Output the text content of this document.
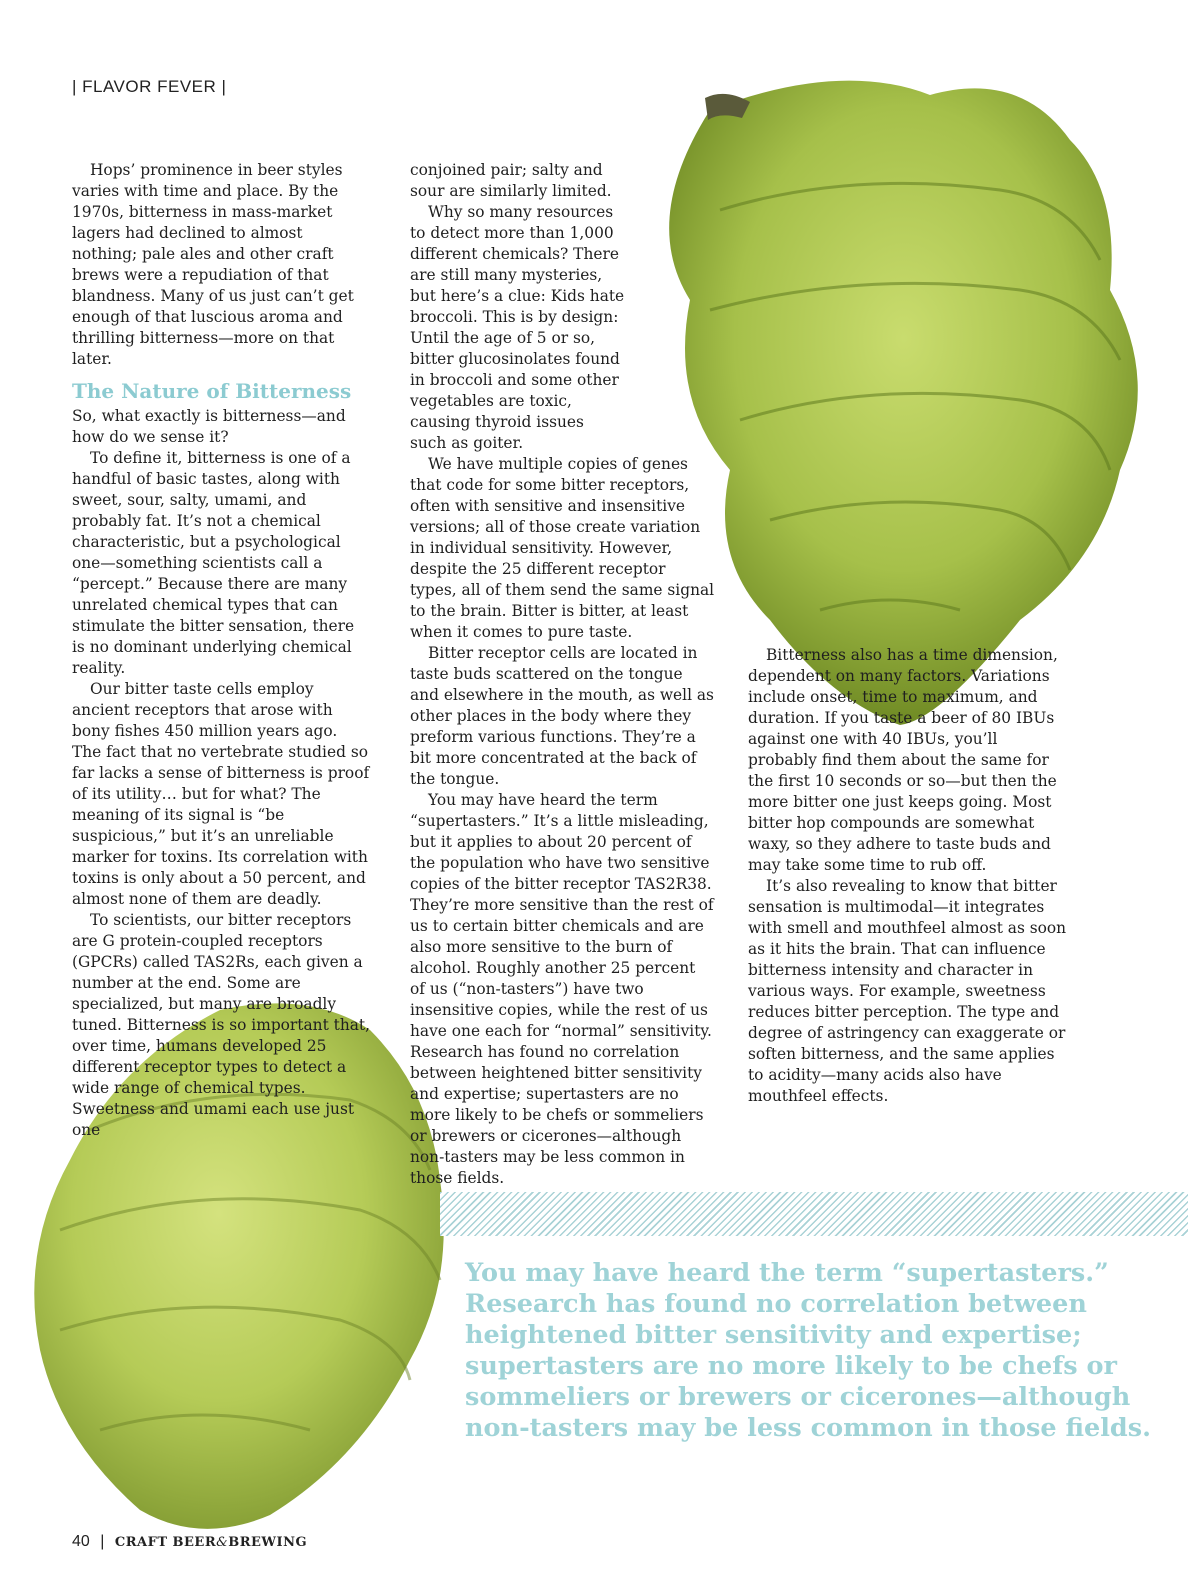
| FLAVOR FEVER |

Hops’ prominence in beer styles varies with time and place. By the 1970s, bitterness in mass-market lagers had declined to almost nothing; pale ales and other craft brews were a repudiation of that blandness. Many of us just can’t get enough of that luscious aroma and thrilling bitterness—more on that later.

The Nature of Bitterness

So, what exactly is bitterness—and how do we sense it?

To define it, bitterness is one of a handful of basic tastes, along with sweet, sour, salty, umami, and probably fat. It’s not a chemical characteristic, but a psychological one—something scientists call a “percept.” Because there are many unrelated chemical types that can stimulate the bitter sensation, there is no dominant underlying chemical reality.

Our bitter taste cells employ ancient receptors that arose with bony fishes 450 million years ago. The fact that no vertebrate studied so far lacks a sense of bitterness is proof of its utility… but for what? The meaning of its signal is “be suspicious,” but it’s an unreliable marker for toxins. Its correlation with toxins is only about a 50 percent, and almost none of them are deadly.

To scientists, our bitter receptors are G protein-coupled receptors (GPCRs) called TAS2Rs, each given a number at the end. Some are specialized, but many are broadly tuned. Bitterness is so important that, over time, humans developed 25 different receptor types to detect a wide range of chemical types. Sweetness and umami each use just one

conjoined pair; salty and sour are similarly limited.

Why so many resources to detect more than 1,000 different chemicals? There are still many mysteries, but here’s a clue: Kids hate broccoli. This is by design: Until the age of 5 or so, bitter glucosinolates found in broccoli and some other vegetables are toxic, causing thyroid issues such as goiter.

We have multiple copies of genes that code for some bitter receptors, often with sensitive and insensitive versions; all of those create variation in individual sensitivity. However, despite the 25 different receptor types, all of them send the same signal to the brain. Bitter is bitter, at least when it comes to pure taste.

Bitter receptor cells are located in taste buds scattered on the tongue and elsewhere in the mouth, as well as other places in the body where they preform various functions. They’re a bit more concentrated at the back of the tongue.

You may have heard the term “supertasters.” It’s a little misleading, but it applies to about 20 percent of the population who have two sensitive copies of the bitter receptor TAS2R38. They’re more sensitive than the rest of us to certain bitter chemicals and are also more sensitive to the burn of alcohol. Roughly another 25 percent of us (“non-tasters”) have two insensitive copies, while the rest of us have one each for “normal” sensitivity. Research has found no correlation between heightened bitter sensitivity and expertise; supertasters are no more likely to be chefs or sommeliers or brewers or cicerones—although non-tasters may be less common in those fields.

Bitterness also has a time dimension, dependent on many factors. Variations include onset, time to maximum, and duration. If you taste a beer of 80 IBUs against one with 40 IBUs, you’ll probably find them about the same for the first 10 seconds or so—but then the more bitter one just keeps going. Most bitter hop compounds are somewhat waxy, so they adhere to taste buds and may take some time to rub off.

It’s also revealing to know that bitter sensation is multimodal—it integrates with smell and mouthfeel almost as soon as it hits the brain. That can influence bitterness intensity and character in various ways. For example, sweetness reduces bitter perception. The type and degree of astringency can exaggerate or soften bitterness, and the same applies to acidity—many acids also have mouthfeel effects.

You may have heard the term “supertasters.” Research has found no correlation between heightened bitter sensitivity and expertise; supertasters are no more likely to be chefs or sommeliers or brewers or cicerones—although non-tasters may be less common in those fields.
40 | CRAFT BEER&BREWING
